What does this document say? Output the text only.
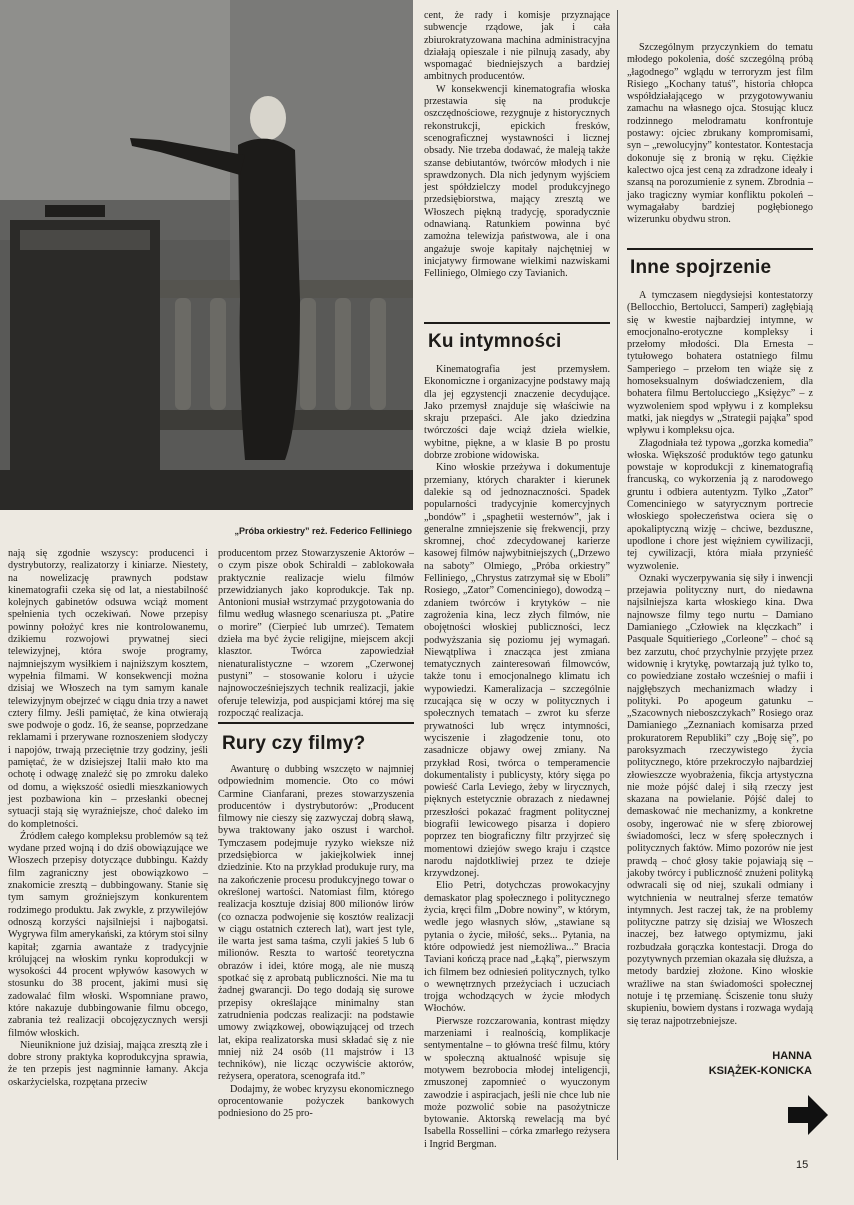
„Próba orkiestry” reż. Federico Felliniego

nają się zgodnie wszyscy: producenci i dystrybutorzy, realizatorzy i kiniarze. Niestety, na nowelizację prawnych podstaw kinematografii czeka się od lat, a niestabilność kolejnych gabinetów odsuwa wciąż moment spełnienia tych oczekiwań. Nowe przepisy powinny położyć kres nie kontrolowanemu, dzikiemu rozwojowi prywatnej sieci telewizyjnej, która swoje programy, najmniejszym wysiłkiem i najniższym kosztem, wypełnia filmami. W konsekwencji można dzisiaj we Włoszech na tym samym kanale telewizyjnym obejrzeć w ciągu dnia trzy a nawet cztery filmy. Jeśli pamiętać, że kina otwierają swe podwoje o godz. 16, że seanse, poprzedzane reklamami i przerywane roznoszeniem słodyczy i napojów, trwają przeciętnie trzy godziny, jeśli pamiętać, że w dzisiejszej Italii mało kto ma ochotę i odwagę znaleźć się po zmroku daleko od domu, a większość osiedli mieszkaniowych jest pozbawiona kin – przesłanki obecnej sytuacji stają się wyraźniejsze, choć daleko im do kompletności.

Źródłem całego kompleksu problemów są też wydane przed wojną i do dziś obowiązujące we Włoszech przepisy dotyczące dubbingu. Każdy film zagraniczny jest obowiązkowo – znakomicie zresztą – dubbingowany. Stanie się tym samym groźniejszym konkurentem rodzimego produktu. Jak zwykle, z przywilejów odnoszą korzyści najsilniejsi i najbogatsi. Wygrywa film amerykański, za którym stoi silny kapitał; zgarnia awantaże z tradycyjnie królującej na włoskim rynku koprodukcji w wysokości 44 procent wpływów kasowych w stosunku do 38 procent, jakimi musi się zadowalać film włoski. Wspomniane prawo, które nakazuje dubbingowanie filmu obcego, zabrania też realizacji obcojęzycznych wersji filmów włoskich.

Nieuniknione już dzisiaj, mająca zresztą złe i dobre strony praktyka koprodukcyjna sprawia, że ten przepis jest nagminnie łamany. Akcja oskarżycielska, rozpętana przeciw

producentom przez Stowarzyszenie Aktorów – o czym pisze obok Schiraldi – zablokowała praktycznie realizacje wielu filmów przewidzianych jako koprodukcje. Tak np. Antonioni musiał wstrzymać przygotowania do filmu według własnego scenariusza pt. „Patire o morire” (Cierpieć lub umrzeć). Tematem dzieła ma być życie religijne, miejscem akcji klasztor. Twórca zapowiedział nienaturalistyczne – wzorem „Czerwonej pustyni” – stosowanie koloru i użycie najnowocześniejszych technik realizacji, jakie oferuje telewizja, pod auspicjami której ma się rozpocząć realizacja.

Rury czy filmy?

Awanturę o dubbing wszczęto w najmniej odpowiednim momencie. Oto co mówi Carmine Cianfarani, prezes stowarzyszenia producentów i dystrybutorów: „Producent filmowy nie cieszy się zazwyczaj dobrą sławą, bywa traktowany jako oszust i warchoł. Tymczasem podejmuje ryzyko wieksze niż przedsiębiorca w jakiejkolwiek innej dziedzinie. Kto na przykład produkuje rury, ma na zakończenie procesu produkcyjnego towar o określonej wartości. Natomiast film, którego realizacja kosztuje dzisiaj 800 milionów lirów (co oznacza podwojenie się kosztów realizacji w ciągu ostatnich czterech lat), wart jest tyle, ile warta jest sama taśma, czyli jakieś 5 lub 6 milionów. Reszta to wartość teoretyczna obrazów i idei, które mogą, ale nie muszą spotkać się z aprobatą publiczności. Nie ma tu żadnej gwarancji. Do tego dodają się surowe przepisy określające minimalny stan zatrudnienia podczas realizacji: na podstawie umowy związkowej, obowiązującej od trzech lat, ekipa realizatorska musi składać się z nie mniej niż 24 osób (11 majstrów i 13 techników), nie licząc oczywiście aktorów, reżysera, operatora, scenografa itd.”

Dodajmy, że wobec kryzysu ekonomicznego oprocentowanie pożyczek bankowych podniesiono do 25 pro-

cent, że rady i komisje przyznające subwencje rządowe, jak i cała zbiurokratyzowana machina administracyjna działają opieszale i nie pilnują zasady, aby wspomagać biedniejszych a bardziej ambitnych producentów.

W konsekwencji kinematografia włoska przestawia się na produkcje oszczędnościowe, rezygnuje z historycznych rekonstrukcji, epickich fresków, scenograficznej wystawności i licznej obsady. Nie trzeba dodawać, że maleją także szanse debiutantów, twórców młodych i nie sprawdzonych. Dla nich jedynym wyjściem jest spółdzielczy model produkcyjnego przedsiębiorstwa, mający zresztą we Włoszech piękną tradycję, sporadycznie odnawianą. Ratunkiem powinna być zamożna telewizja państwowa, ale i ona angażuje swoje kapitały najchętniej w inicjatywy firmowane wielkimi nazwiskami Felliniego, Olmiego czy Tavianich.

Ku intymności

Kinematografia jest przemysłem. Ekonomiczne i organizacyjne podstawy mają dla jej egzystencji znaczenie decydujące. Jako przemysł znajduje się właściwie na skraju przepaści. Ale jako dziedzina twórczości daje wciąż dzieła wielkie, wybitne, piękne, a w klasie B po prostu dobrze zrobione widowiska.

Kino włoskie przeżywa i dokumentuje przemiany, których charakter i kierunek dalekie są od jednoznaczności. Spadek popularności tradycyjnie komercyjnych „bondów” i „spaghetii westernów”, jak i generalne zmniejszenie się frekwencji, przy skromnej, choć zdecydowanej karierze kasowej filmów najwybitniejszych („Drzewo na saboty” Olmiego, „Próba orkiestry” Felliniego, „Chrystus zatrzymał się w Eboli” Rosiego, „Zator” Comenciniego), dowodzą – zdaniem twórców i krytyków – nie zagrożenia kina, lecz złych filmów, nie obojętności włoskiej publiczności, lecz podwyższania się poziomu jej wymagań. Niewątpliwa i znacząca jest zmiana tematycznych zainteresowań filmowców, także tonu i emocjonalnego klimatu ich wypowiedzi. Kameralizacja – szczególnie rzucająca się w oczy w politycznych i społecznych tematach – zwrot ku sferze prywatności lub wręcz intymności, wyciszenie i złagodzenie tonu, oto zasadnicze objawy owej zmiany. Na przykład Rosi, twórca o temperamencie dokumentalisty i publicysty, który sięga po powieść Carla Leviego, żeby w lirycznych, pięknych estetycznie obrazach z niedawnej przeszłości pokazać fragment politycznej biografii lewicowego pisarza i dopiero poprzez ten biograficzny filtr przyjrzeć się momentowi dziejów swego kraju i cząstce narodu najdotkliwiej przez te dzieje krzywdzonej.

Elio Petri, dotychczas prowokacyjny demaskator plag społecznego i politycznego życia, kręci film „Dobre nowiny”, w którym, wedle jego własnych słów, „stawiane są pytania o życie, miłość, seks... Pytania, na które odpowiedź jest niemożliwa...” Bracia Taviani kończą prace nad „Łąką”, pierwszym ich filmem bez odniesień politycznych, tylko o wewnętrznych przeżyciach i uczuciach trojga wchodzących w życie młodych Włochów.

Pierwsze rozczarowania, kontrast między marzeniami i realnością, komplikacje sentymentalne – to główna treść filmu, który w społeczną aktualność wpisuje się motywem bezrobocia młodej inteligencji, zmuszonej zapomnieć o wyuczonym zawodzie i aspiracjach, jeśli nie chce lub nie może pozwolić sobie na pasożytnicze bytowanie. Aktorską rewelacją ma być Isabella Rossellini – córka zmarłego reżysera i Ingrid Bergman.

Szczególnym przyczynkiem do tematu młodego pokolenia, dość szczególną próbą „łagodnego” wglądu w terroryzm jest film Risiego „Kochany tatuś”, historia chłopca współdziałającego w przygotowywaniu zamachu na własnego ojca. Stosując klucz rodzinnego melodramatu konfrontuje postawy: ojciec zbrukany kompromisami, syn – „rewolucyjny” kontestator. Kontestacja dokonuje się z bronią w ręku. Ciężkie kalectwo ojca jest ceną za zdradzone ideały i szansą na porozumienie z synem. Zbrodnia – jako tragiczny wymiar konfliktu pokoleń – wymagałaby bardziej pogłębionego wizerunku obydwu stron.

Inne spojrzenie

A tymczasem niegdysiejsi kontestatorzy (Bellocchio, Bertolucci, Samperi) zagłębiają się w kwestie najbardziej intymne, w emocjonalno-erotyczne kompleksy i przełomy młodości. Dla Ernesta – tytułowego bohatera ostatniego filmu Samperiego – przełom ten wiąże się z homoseksualnym doświadczeniem, dla bohatera filmu Bertolucciego „Księżyc” – z wyzwoleniem spod wpływu i z kompleksu matki, jak niegdys w „Strategii pająka” spod wpływu i kompleksu ojca.

Złagodniała też typowa „gorzka komedia” włoska. Większość produktów tego gatunku powstaje w koprodukcji z kinematografią francuską, co wykorzenia ją z narodowego gruntu i odbiera autentyzm. Tylko „Zator” Comenciniego w satyrycznym portrecie włoskiego społeczeństwa ociera się o apokaliptyczną wizję – chciwe, bezduszne, upodlone i chore jest więźniem cywilizacji, tej cywilizacji, która miała przynieść wyzwolenie.

Oznaki wyczerpywania się siły i inwencji przejawia polityczny nurt, do niedawna najsilniejsza karta włoskiego kina. Dwa najnowsze filmy tego nurtu – Damiano Damianiego „Człowiek na klęczkach” i Pasquale Squitieriego „Corleone” – choć są bez zarzutu, choć przychylnie przyjęte przez widownię i krytykę, powtarzają już tylko to, co powiedziane zostało wcześniej o mafii i najgłębszych mechanizmach władzy i polityki. Po apogeum gatunku – „Szacownych nieboszczykach” Rosiego oraz Damianiego „Zeznaniach komisarza przed prokuratorem Republiki” czy „Boję się”, po paroksyzmach rzeczywistego życia politycznego, które przekroczyło najbardziej złowieszcze wyobrażenia, fikcja artystyczna nie może pójść dalej i siłą rzeczy jest skazana na powielanie. Pójść dalej to demaskować nie mechanizmy, a konkretne osoby, ingerować nie w sferę zbiorowej świadomości, lecz w sferę społecznych i politycznych faktów. Mimo pozorów nie jest prawdą – choć głosy takie pojawiają się – jakoby twórcy i publiczność znużeni polityką odwracali się od niej, szukali odmiany i wytchnienia w neutralnej sferze tematów intymnych. Jest raczej tak, że na problemy polityczne patrzy się dzisiaj we Włoszech inaczej, bez łatwego optymizmu, jaki rozbudzała gorączka kontestacji. Droga do pozytywnych przemian okazała się dłuższa, a metody bardziej złożone. Kino włoskie wraźliwe na stan świadomości społecznej notuje i tę przemianę. Ściszenie tonu służy skupieniu, bowiem dystans i rozwaga wydają się teraz najpotrzebniejsze.

HANNA
KSIĄŻEK-KONICKA
15
